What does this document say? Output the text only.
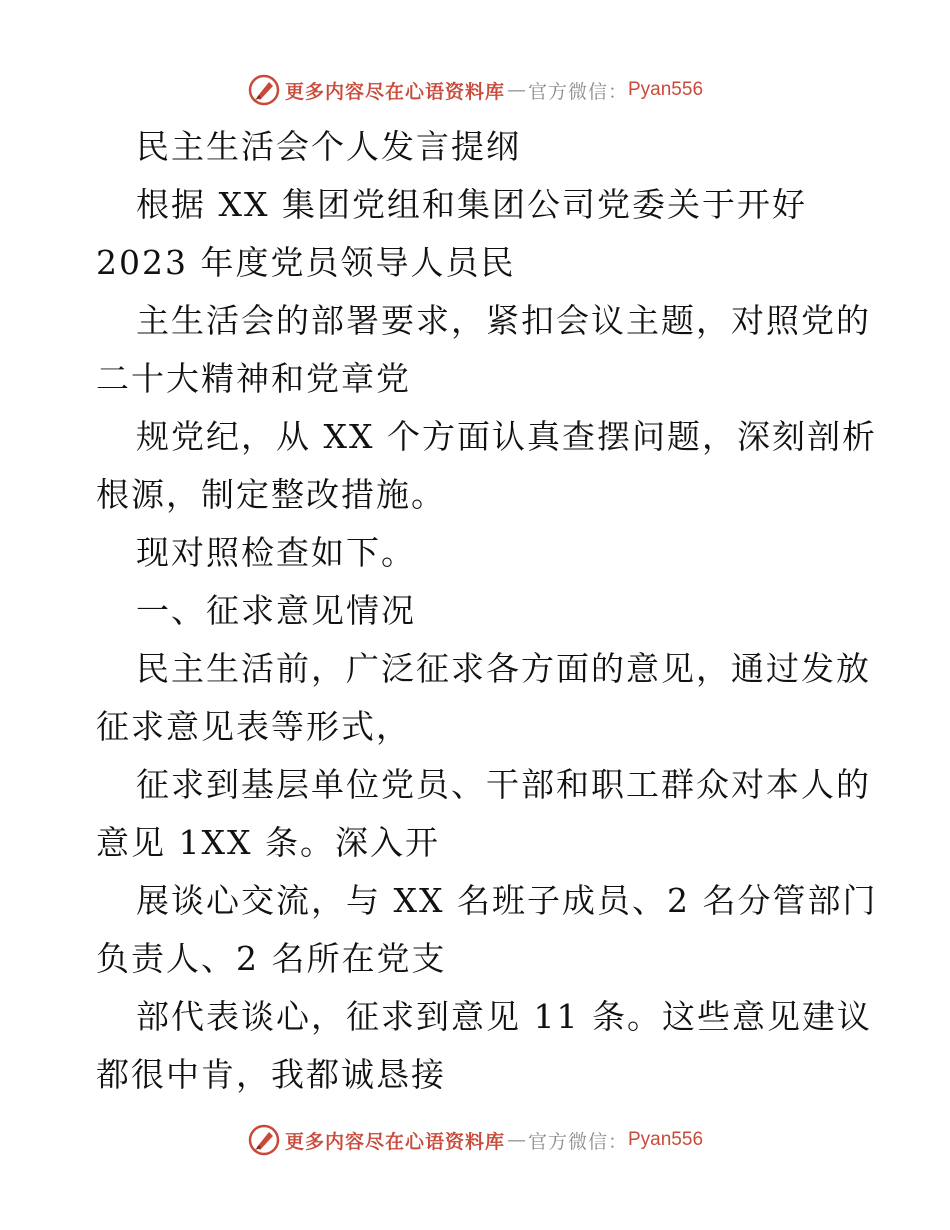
更多内容尽在心语资料库 — 官方微信： Pyan556
民主生活会个人发言提纲
根据 XX 集团党组和集团公司党委关于开好
2023 年度党员领导人员民
主生活会的部署要求，紧扣会议主题，对照党的
二十大精神和党章党
规党纪，从 XX 个方面认真查摆问题，深刻剖析
根源，制定整改措施。
现对照检查如下。
一、征求意见情况
民主生活前，广泛征求各方面的意见，通过发放
征求意见表等形式，
征求到基层单位党员、干部和职工群众对本人的
意见 1XX 条。深入开
展谈心交流，与 XX 名班子成员、2 名分管部门
负责人、2 名所在党支
部代表谈心，征求到意见 11 条。这些意见建议
都很中肯，我都诚恳接
更多内容尽在心语资料库 — 官方微信： Pyan556
